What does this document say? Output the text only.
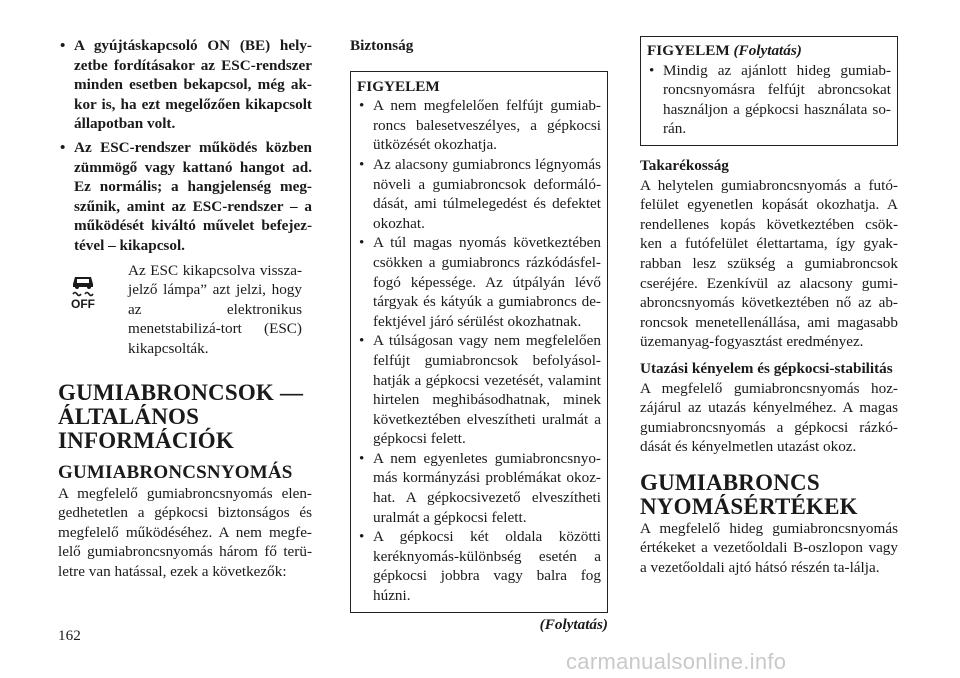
• A gyújtáskapcsoló ON (BE) hely-zetbe fordításakor az ESC-rendszer minden esetben bekapcsol, még ak-kor is, ha ezt megelőzően kikapcsolt állapotban volt.
• Az ESC-rendszer működés közben zümmögő vagy kattanó hangot ad. Ez normális; a hangjelenség meg-szűnik, amint az ESC-rendszer – a működését kiváltó művelet befejez-tével – kikapcsol.
OFF
Az ESC kikapcsolva vissza-jelző lámpa” azt jelzi, hogy az elektronikus menetstabilizá-tort (ESC) kikapcsolták.
GUMIABRONCSOK — ÁLTALÁNOS INFORMÁCIÓK
GUMIABRONCSNYOMÁS

A megfelelő gumiabroncsnyomás elen-gedhetetlen a gépkocsi biztonságos és megfelelő működéséhez. A nem megfe-lelő gumiabroncsnyomás három fő terü-letre van hatással, ezek a következők:

Biztonság
FIGYELEM
• A nem megfelelően felfújt gumiab-roncs balesetveszélyes, a gépkocsi ütközését okozhatja.
• Az alacsony gumiabroncs légnyomás növeli a gumiabroncsok deformáló-dását, ami túlmelegedést és defektet okozhat.
• A túl magas nyomás következtében csökken a gumiabroncs rázkódásfel-fogó képessége. Az útpályán lévő tárgyak és kátyúk a gumiabroncs de-fektjével járó sérülést okozhatnak.
• A túlságosan vagy nem megfelelően felfújt gumiabroncsok befolyásol-hatják a gépkocsi vezetését, valamint hirtelen meghibásodhatnak, minek következtében elveszítheti uralmát a gépkocsi felett.
• A nem egyenletes gumiabroncsnyo-más kormányzási problémákat okoz-hat. A gépkocsivezető elveszítheti uralmát a gépkocsi felett.
• A gépkocsi két oldala közötti keréknyomás-különbség esetén a gépkocsi jobbra vagy balra fog húzni.
(Folytatás)
FIGYELEM (Folytatás)
• Mindig az ajánlott hideg gumiab-roncsnyomásra felfújt abroncsokat használjon a gépkocsi használata so-rán.
Takarékosság

A helytelen gumiabroncsnyomás a futó-felület egyenetlen kopását okozhatja. A rendellenes kopás következtében csök-ken a futófelület élettartama, így gyak-rabban lesz szükség a gumiabroncsok cseréjére. Ezenkívül az alacsony gumi-abroncsnyomás következtében nő az ab-roncsok menetellenállása, ami magasabb üzemanyag-fogyasztást eredményez.

Utazási kényelem és gépkocsi-stabilitás

A megfelelő gumiabroncsnyomás hoz-zájárul az utazás kényelméhez. A magas gumiabroncsnyomás a gépkocsi rázkó-dását és kényelmetlen utazást okoz.

GUMIABRONCS NYOMÁSÉRTÉKEK

A megfelelő hideg gumiabroncsnyomás értékeket a vezetőoldali B-oszlopon vagy a vezetőoldali ajtó hátsó részén ta-lálja.

162
carmanualsonline.info
